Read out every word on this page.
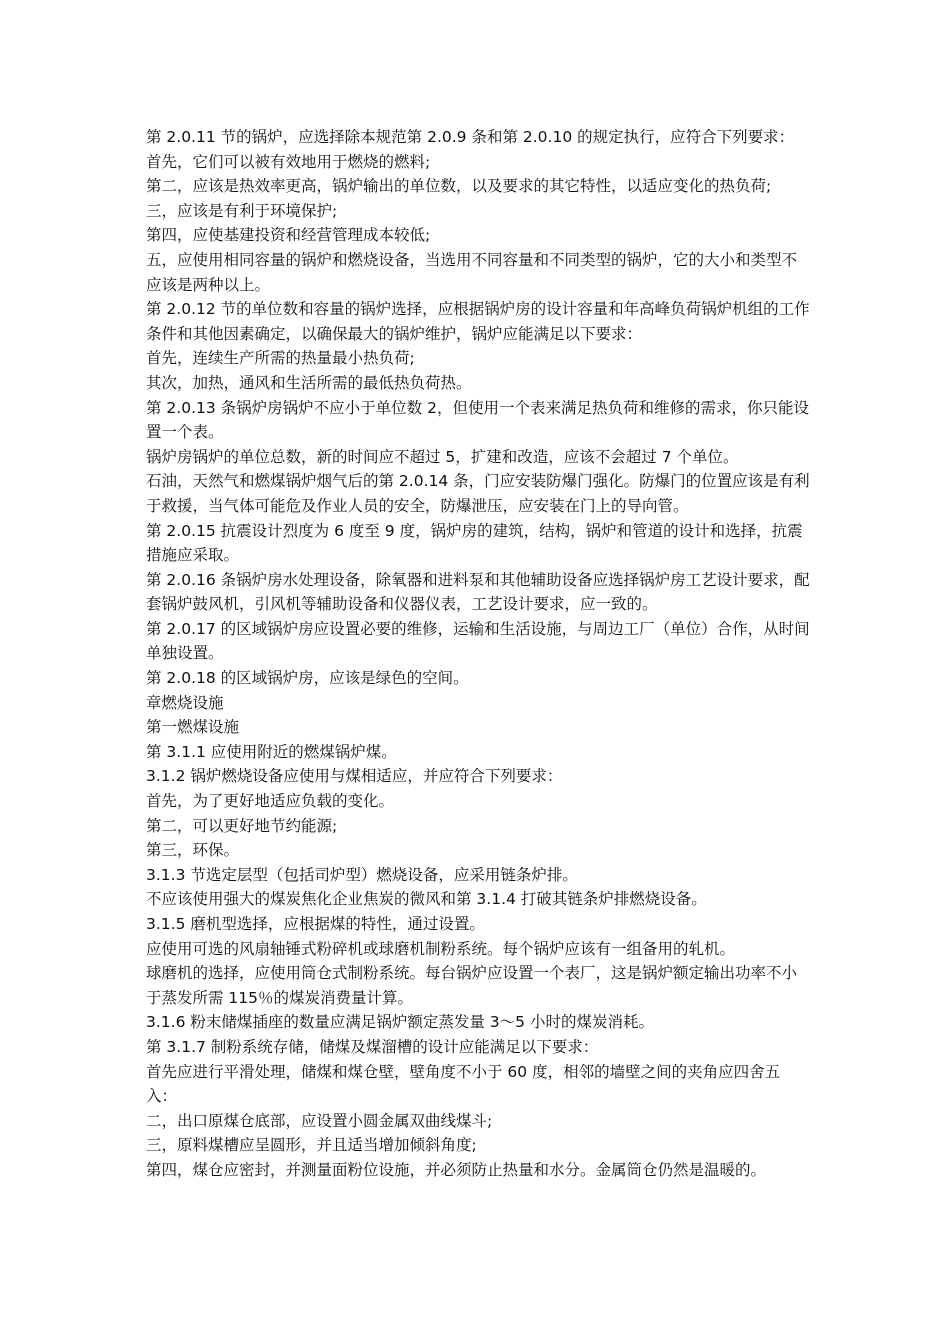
第 2.0.11 节的锅炉，应选择除本规范第 2.0.9 条和第 2.0.10 的规定执行，应符合下列要求：

首先，它们可以被有效地用于燃烧的燃料;

第二，应该是热效率更高，锅炉输出的单位数，以及要求的其它特性，以适应变化的热负荷;

三，应该是有利于环境保护;

第四，应使基建投资和经营管理成本较低;

五，应使用相同容量的锅炉和燃烧设备，当选用不同容量和不同类型的锅炉，它的大小和类型不应该是两种以上。

第 2.0.12 节的单位数和容量的锅炉选择，应根据锅炉房的设计容量和年高峰负荷锅炉机组的工作条件和其他因素确定，以确保最大的锅炉维护，锅炉应能满足以下要求：

首先，连续生产所需的热量最小热负荷;

其次，加热，通风和生活所需的最低热负荷热。

第 2.0.13 条锅炉房锅炉不应小于单位数 2，但使用一个表来满足热负荷和维修的需求，你只能设置一个表。

锅炉房锅炉的单位总数，新的时间应不超过 5，扩建和改造，应该不会超过 7 个单位。

石油，天然气和燃煤锅炉烟气后的第 2.0.14 条，门应安装防爆门强化。防爆门的位置应该是有利于救援，当气体可能危及作业人员的安全，防爆泄压，应安装在门上的导向管。

第 2.0.15 抗震设计烈度为 6 度至 9 度，锅炉房的建筑，结构，锅炉和管道的设计和选择，抗震措施应采取。

第 2.0.16 条锅炉房水处理设备，除氧器和进料泵和其他辅助设备应选择锅炉房工艺设计要求，配套锅炉鼓风机，引风机等辅助设备和仪器仪表，工艺设计要求，应一致的。

第 2.0.17 的区域锅炉房应设置必要的维修，运输和生活设施，与周边工厂（单位）合作，从时间单独设置。

第 2.0.18 的区域锅炉房，应该是绿色的空间。

章燃烧设施

第一燃煤设施

第 3.1.1 应使用附近的燃煤锅炉煤。

3.1.2 锅炉燃烧设备应使用与煤相适应，并应符合下列要求：

首先，为了更好地适应负载的变化。

第二，可以更好地节约能源;

第三，环保。

3.1.3 节选定层型（包括司炉型）燃烧设备，应采用链条炉排。

不应该使用强大的煤炭焦化企业焦炭的微风和第 3.1.4 打破其链条炉排燃烧设备。

3.1.5 磨机型选择，应根据煤的特性，通过设置。

应使用可选的风扇轴锤式粉碎机或球磨机制粉系统。每个锅炉应该有一组备用的轧机。

球磨机的选择，应使用筒仓式制粉系统。每台锅炉应设置一个表厂，这是锅炉额定输出功率不小于蒸发所需 115％的煤炭消费量计算。

3.1.6 粉末储煤插座的数量应满足锅炉额定蒸发量 3～5 小时的煤炭消耗。

第 3.1.7 制粉系统存储，储煤及煤溜槽的设计应能满足以下要求：

首先应进行平滑处理，储煤和煤仓壁，壁角度不小于 60 度，相邻的墙壁之间的夹角应四舍五入：

二，出口原煤仓底部，应设置小圆金属双曲线煤斗;

三，原料煤槽应呈圆形，并且适当增加倾斜角度;

第四，煤仓应密封，并测量面粉位设施，并必须防止热量和水分。金属筒仓仍然是温暖的。
